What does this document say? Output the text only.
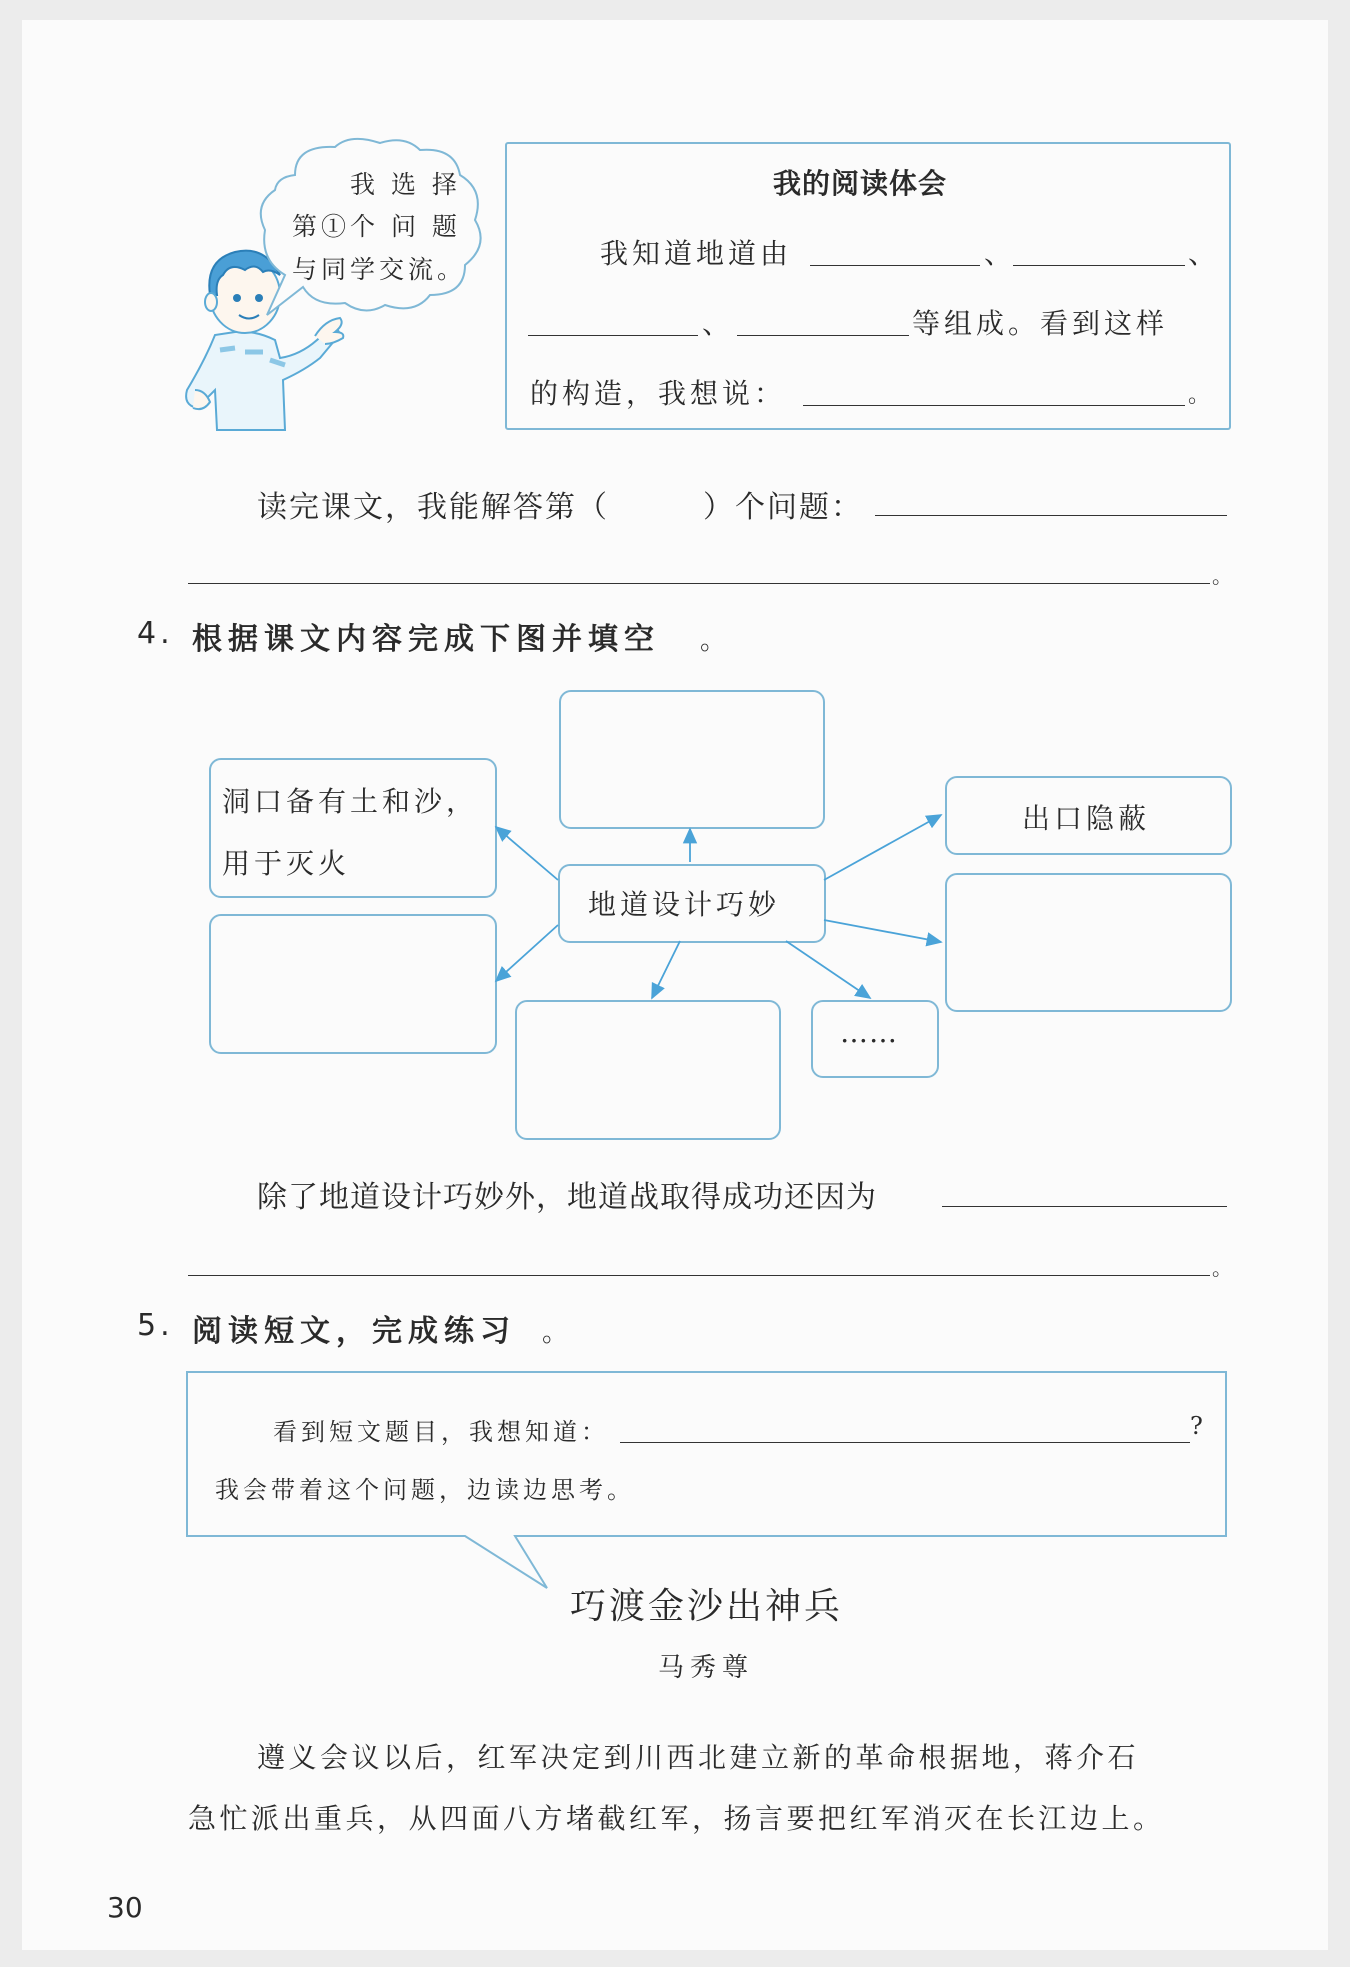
我 选 择
第①个 问 题
与同学交流。
我的阅读体会
我知道地道由	、	、
、	等组成。看到这样
的构造，我想说：	。
读完课文，我能解答第（	）个问题：
。
4. 根据课文内容完成下图并填空 。
洞口备有土和沙，
用于灭火
地道设计巧妙
……
出口隐蔽
除了地道设计巧妙外，地道战取得成功还因为
。
5. 阅读短文，完成练习 。
看到短文题目，我想知道：	?
我会带着这个问题，边读边思考。
巧渡金沙出神兵
马秀尊
遵义会议以后，红军决定到川西北建立新的革命根据地，蒋介石
急忙派出重兵，从四面八方堵截红军，扬言要把红军消灭在长江边上。
30
